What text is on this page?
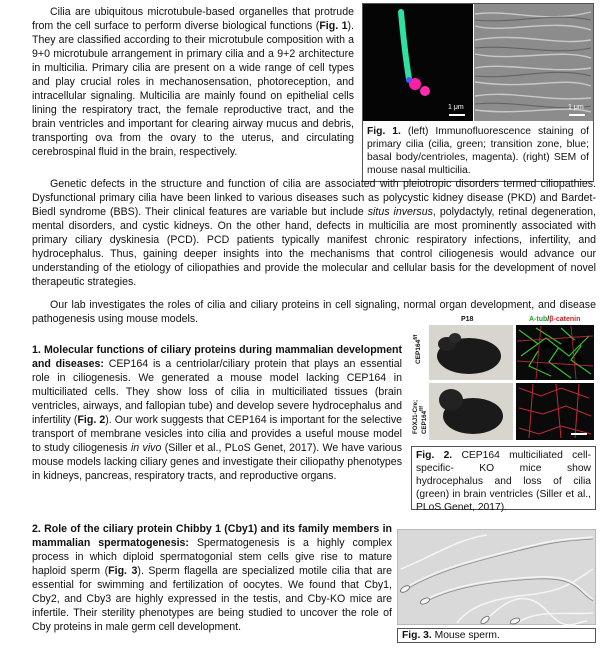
Cilia are ubiquitous microtubule-based organelles that protrude from the cell surface to perform diverse biological functions (Fig. 1). They are classified according to their microtubule composition with a 9+0 microtubule arrangement in primary cilia and a 9+2 architecture in multicilia. Primary cilia are present on a wide range of cell types and play crucial roles in mechanosensation, photoreception, and intracellular signaling. Multicilia are mainly found on epithelial cells lining the respiratory tract, the female reproductive tract, and the brain ventricles and important for clearing airway mucus and debris, transporting ova from the ovary to the uterus, and circulating cerebrospinal fluid in the brain, respectively.
1 μm	1 μm
Fig. 1. (left) Immunofluorescence staining of primary cilia (cilia, green; transition zone, blue; basal body/centrioles, magenta). (right) SEM of mouse nasal multicilia.
Genetic defects in the structure and function of cilia are associated with pleiotropic disorders termed ciliopathies. Dysfunctional primary cilia have been linked to various diseases such as polycystic kidney disease (PKD) and Bardet-Biedl syndrome (BBS). Their clinical features are variable but include situs inversus, polydactyly, retinal degeneration, mental disorders, and cystic kidneys. On the other hand, defects in multicilia are most prominently associated with primary ciliary dyskinesia (PCD). PCD patients typically manifest chronic respiratory infections, infertility, and hydrocephalus. Thus, gaining deeper insights into the mechanisms that control ciliogenesis would advance our understanding of the etiology of ciliopathies and provide the molecular and cellular basis for the development of novel therapeutic strategies.
Our lab investigates the roles of cilia and ciliary proteins in cell signaling, normal organ development, and disease pathogenesis using mouse models.
1. Molecular functions of ciliary proteins during mammalian development and diseases: CEP164 is a centriolar/ciliary protein that plays an essential role in ciliogenesis. We generated a mouse model lacking CEP164 in multiciliated cells. They show loss of cilia in multiciliated tissues (brain ventricles, airways, and fallopian tube) and develop severe hydrocephalus and infertility (Fig. 2). Our work suggests that CEP164 is important for the selective transport of membrane vesicles into cilia and provides a useful mouse model to study ciliogenesis in vivo (Siller et al., PLoS Genet, 2017). We have various mouse models lacking ciliary genes and investigate their ciliopathy phenotypes in kidneys, pancreas, respiratory tracts, and reproductive organs.
P18	A-tub/β-catenin
$CEP164^{f/f}$
FOXJ1-Cre; $CEP164^{f/f}$
Fig. 2. CEP164 multiciliated cell-specific- KO mice show hydrocephalus and loss of cilia (green) in brain ventricles (Siller et al., PLoS Genet, 2017).
2. Role of the ciliary protein Chibby 1 (Cby1) and its family members in mammalian spermatogenesis: Spermatogenesis is a highly complex process in which diploid spermatogonial stem cells give rise to mature haploid sperm (Fig. 3). Sperm flagella are specialized motile cilia that are essential for swimming and fertilization of oocytes. We found that Cby1, Cby2, and Cby3 are highly expressed in the testis, and Cby-KO mice are infertile. Their sterility phenotypes are being studied to uncover the role of Cby proteins in male germ cell development.
Fig. 3. Mouse sperm.
